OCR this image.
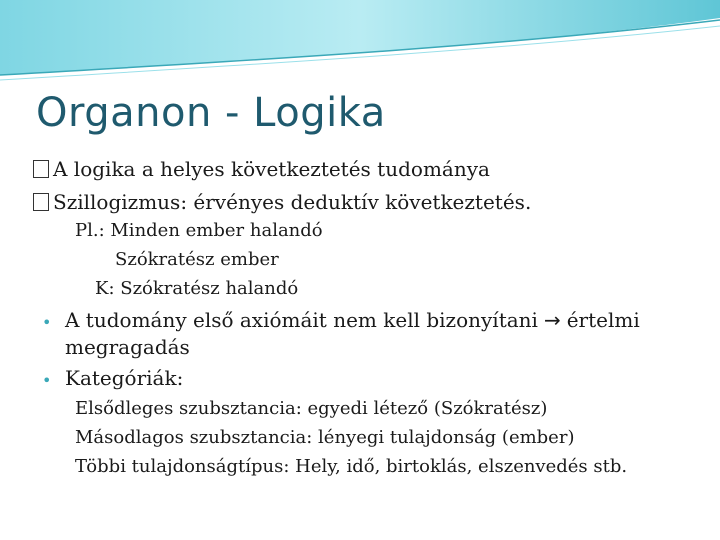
Organon - Logika
A logika a helyes következtetés tudománya
Szillogizmus: érvényes deduktív következtetés.
Pl.: Minden ember halandó
Szókratész ember
K: Szókratész halandó
• A tudomány első axiómáit nem kell bizonyítani → értelmi
megragadás
• Kategóriák:
Elsődleges szubsztancia: egyedi létező (Szókratész)
Másodlagos szubsztancia: lényegi tulajdonság (ember)
Többi tulajdonságtípus: Hely, idő, birtoklás, elszenvedés stb.
